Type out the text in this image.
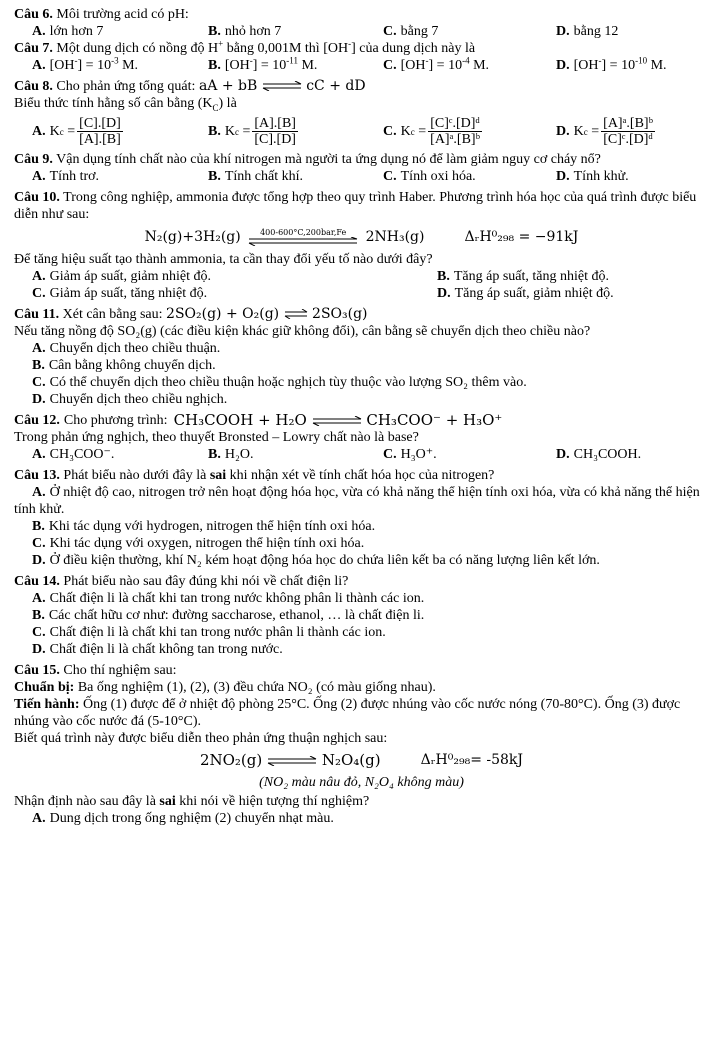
Câu 6. Môi trường acid có pH:
A. lớn hơn 7	B. nhỏ hơn 7	C. bằng 7	D. bằng 12
Câu 7. Một dung dịch có nồng độ H+ bằng 0,001M thì [OH-] của dung dịch này là
A. $[OH^-] = 10^{-3}$ M.	B. $[OH^-] = 10^{-11}$ M.	C. $[OH^-] = 10^{-4}$ M.	D. $[OH^-] = 10^{-10}$ M.
Câu 8. Cho phản ứng tổng quát: aA + bB ⇌ cC + dD
Biểu thức tính hằng số cân bằng $(K_C)$ là
A. K $c = \frac{[C].[D]}{[A].[B]}$	B. K $c = \frac{[A].[B]}{[C].[D]}$	C. K $c = \frac{\text{[C]ᶜ.[D]ᵈ}}{\text{[A]ᵃ.[B]ᵇ}}$	D. K $c = \frac{\text{[A]ᵃ.[B]ᵇ}}{\text{[C]ᶜ.[D]ᵈ}}$
Câu 9. Vận dụng tính chất nào của khí nitrogen mà người ta ứng dụng nó để làm giảm nguy cơ cháy nổ?
A. Tính trơ.	B. Tính chất khí.	C. Tính oxi hóa.	D. Tính khử.
Câu 10. Trong công nghiệp, ammonia được tổng hợp theo quy trình Haber. Phương trình hóa học của quá trình được biểu diễn như sau:
N₂(g)+3H₂(g) 400-600°C,200bar,Fe 2NH₃(g)	ΔᵣH⁰₂₉₈ = −91kJ
Để tăng hiệu suất tạo thành ammonia, ta cần thay đổi yếu tố nào dưới đây?
A. Giảm áp suất, giảm nhiệt độ.	B. Tăng áp suất, tăng nhiệt độ.
C. Giảm áp suất, tăng nhiệt độ.	D. Tăng áp suất, giảm nhiệt độ.
Câu 11. Xét cân bằng sau: 2SO₂(g) + O₂(g) ⇌ 2SO₃(g)
Nếu tăng nồng độ SO₂(g) (các điều kiện khác giữ không đổi), cân bằng sẽ chuyển dịch theo chiều nào?
A. Chuyển dịch theo chiều thuận.
B. Cân bằng không chuyển dịch.
C. Có thể chuyển dịch theo chiều thuận hoặc nghịch tùy thuộc vào lượng SO₂ thêm vào.
D. Chuyển dịch theo chiều nghịch.
Câu 12. Cho phương trình: CH₃COOH + H₂O ⇌ CH₃COO⁻ + H₃O⁺
Trong phản ứng nghịch, theo thuyết Bronsted – Lowry chất nào là base?
A. CH₃COO⁻.	B. H₂O.	C. H₃O⁺.	D. CH₃COOH.
Câu 13. Phát biểu nào dưới đây là sai khi nhận xét về tính chất hóa học của nitrogen?
A. Ở nhiệt độ cao, nitrogen trở nên hoạt động hóa học, vừa có khả năng thể hiện tính oxi hóa, vừa có khả năng thể hiện tính khử.
B. Khi tác dụng với hydrogen, nitrogen thể hiện tính oxi hóa.
C. Khi tác dụng với oxygen, nitrogen thể hiện tính oxi hóa.
D. Ở điều kiện thường, khí N₂ kém hoạt động hóa học do chứa liên kết ba có năng lượng liên kết lớn.
Câu 14. Phát biểu nào sau đây đúng khi nói về chất điện li?
A. Chất điện li là chất khi tan trong nước không phân li thành các ion.
B. Các chất hữu cơ như: đường saccharose, ethanol, … là chất điện li.
C. Chất điện li là chất khi tan trong nước phân li thành các ion.
D. Chất điện li là chất không tan trong nước.
Câu 15. Cho thí nghiệm sau:
Chuẩn bị: Ba ống nghiệm (1), (2), (3) đều chứa NO₂ (có màu giống nhau).
Tiến hành: Ống (1) được để ở nhiệt độ phòng 25°C. Ống (2) được nhúng vào cốc nước nóng (70-80°C). Ống (3) được nhúng vào cốc nước đá (5-10°C).
Biết quá trình này được biểu diễn theo phản ứng thuận nghịch sau:
2NO₂(g) ⇌ N₂O₄(g)	ΔᵣH⁰₂₉₈= -58kJ
(NO₂ màu nâu đỏ, N₂O₄ không màu)
Nhận định nào sau đây là sai khi nói về hiện tượng thí nghiệm?
A. Dung dịch trong ống nghiệm (2) chuyển nhạt màu.
